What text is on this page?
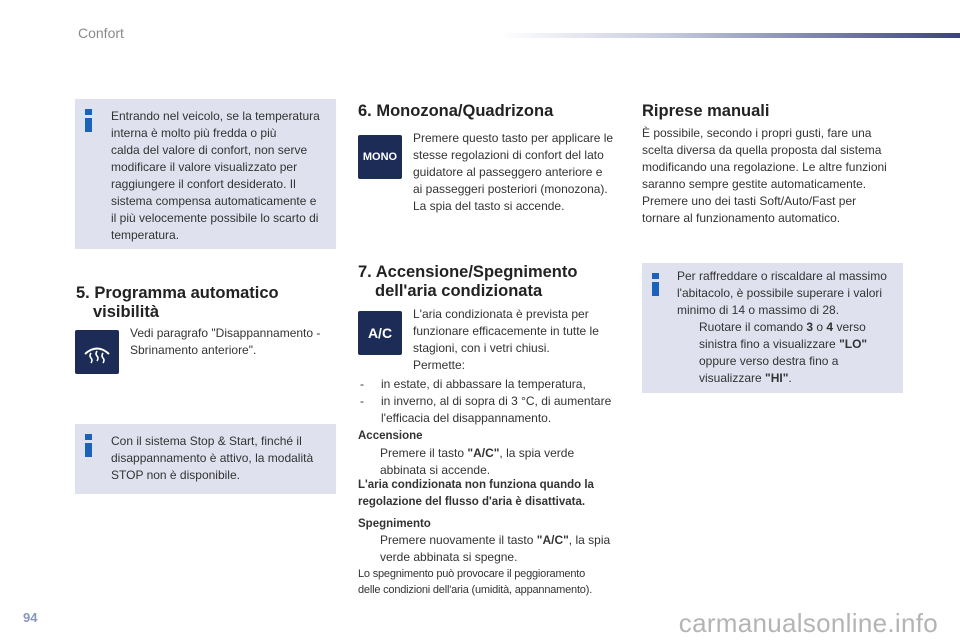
Confort
Entrando nel veicolo, se la temperatura
interna è molto più fredda o più
calda del valore di confort, non serve
modificare il valore visualizzato per
raggiungere il confort desiderato. Il
sistema compensa automaticamente e
il più velocemente possibile lo scarto di
temperatura.
5. Programma automatico
visibilità
Vedi paragrafo "Disappannamento -
Sbrinamento anteriore".
Con il sistema Stop & Start, finché il
disappannamento è attivo, la modalità
STOP non è disponibile.
6. Monozona/Quadrizona
MONO
Premere questo tasto per applicare le
stesse regolazioni di confort del lato
guidatore al passeggero anteriore e
ai passeggeri posteriori (monozona).
La spia del tasto si accende.
7. Accensione/Spegnimento
dell'aria condizionata
A/C
L'aria condizionata è prevista per
funzionare efficacemente in tutte le
stagioni, con i vetri chiusi.
Permette:
- in estate, di abbassare la temperatura,
- in inverno, al di sopra di 3 °C, di aumentare
l'efficacia del disappannamento.
Accensione
Premere il tasto "A/C", la spia verde
abbinata si accende.
L'aria condizionata non funziona quando la
regolazione del flusso d'aria è disattivata.
Spegnimento
Premere nuovamente il tasto "A/C", la spia
verde abbinata si spegne.
Lo spegnimento può provocare il peggioramento
delle condizioni dell'aria (umidità, appannamento).
Riprese manuali
È possibile, secondo i propri gusti, fare una
scelta diversa da quella proposta dal sistema
modificando una regolazione. Le altre funzioni
saranno sempre gestite automaticamente.
Premere uno dei tasti Soft/Auto/Fast per
tornare al funzionamento automatico.
Per raffreddare o riscaldare al massimo
l'abitacolo, è possibile superare i valori
minimo di 14 o massimo di 28.
Ruotare il comando 3 o 4 verso
sinistra fino a visualizzare "LO"
oppure verso destra fino a
visualizzare "HI".
94	carmanualsonline.info
